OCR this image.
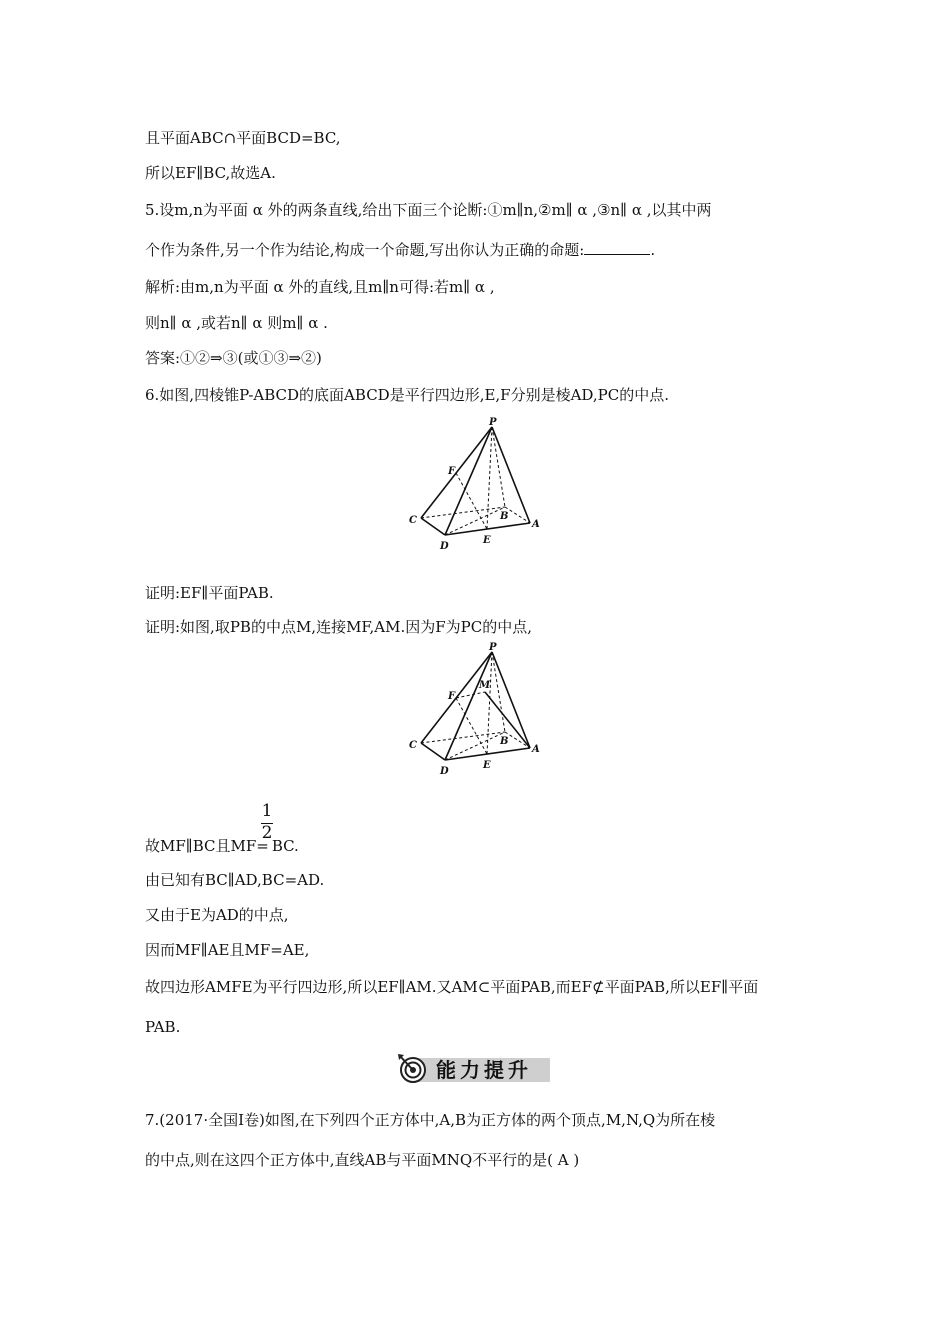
且平面ABC∩平面BCD=BC,
所以EF∥BC,故选A.
5.设m,n为平面 α 外的两条直线,给出下面三个论断:①m∥n,②m∥ α ,③n∥ α ,以其中两
个作为条件,另一个作为结论,构成一个命题,写出你认为正确的命题:	.
解析:由m,n为平面 α 外的直线,且m∥n可得:若m∥ α ,
则n∥ α ,或若n∥ α 则m∥ α .
答案:①②⇒③(或①③⇒②)
6.如图,四棱锥P-ABCD的底面ABCD是平行四边形,E,F分别是棱AD,PC的中点.
P
F
B
C	A
D
E
证明:EF∥平面PAB.
证明:如图,取PB的中点M,连接MF,AM.因为F为PC的中点,
P
M
F
B
C	A
D
E
1
2
故MF∥BC且MF= BC.
由已知有BC∥AD,BC=AD.
又由于E为AD的中点,
因而MF∥AE且MF=AE,
故四边形AMFE为平行四边形,所以EF∥AM.又AM⊂平面PAB,而EF⊄平面PAB,所以EF∥平面
PAB.
能力提升
7.(2017·全国Ⅰ卷)如图,在下列四个正方体中,A,B为正方体的两个顶点,M,N,Q为所在棱
的中点,则在这四个正方体中,直线AB与平面MNQ不平行的是( A )
